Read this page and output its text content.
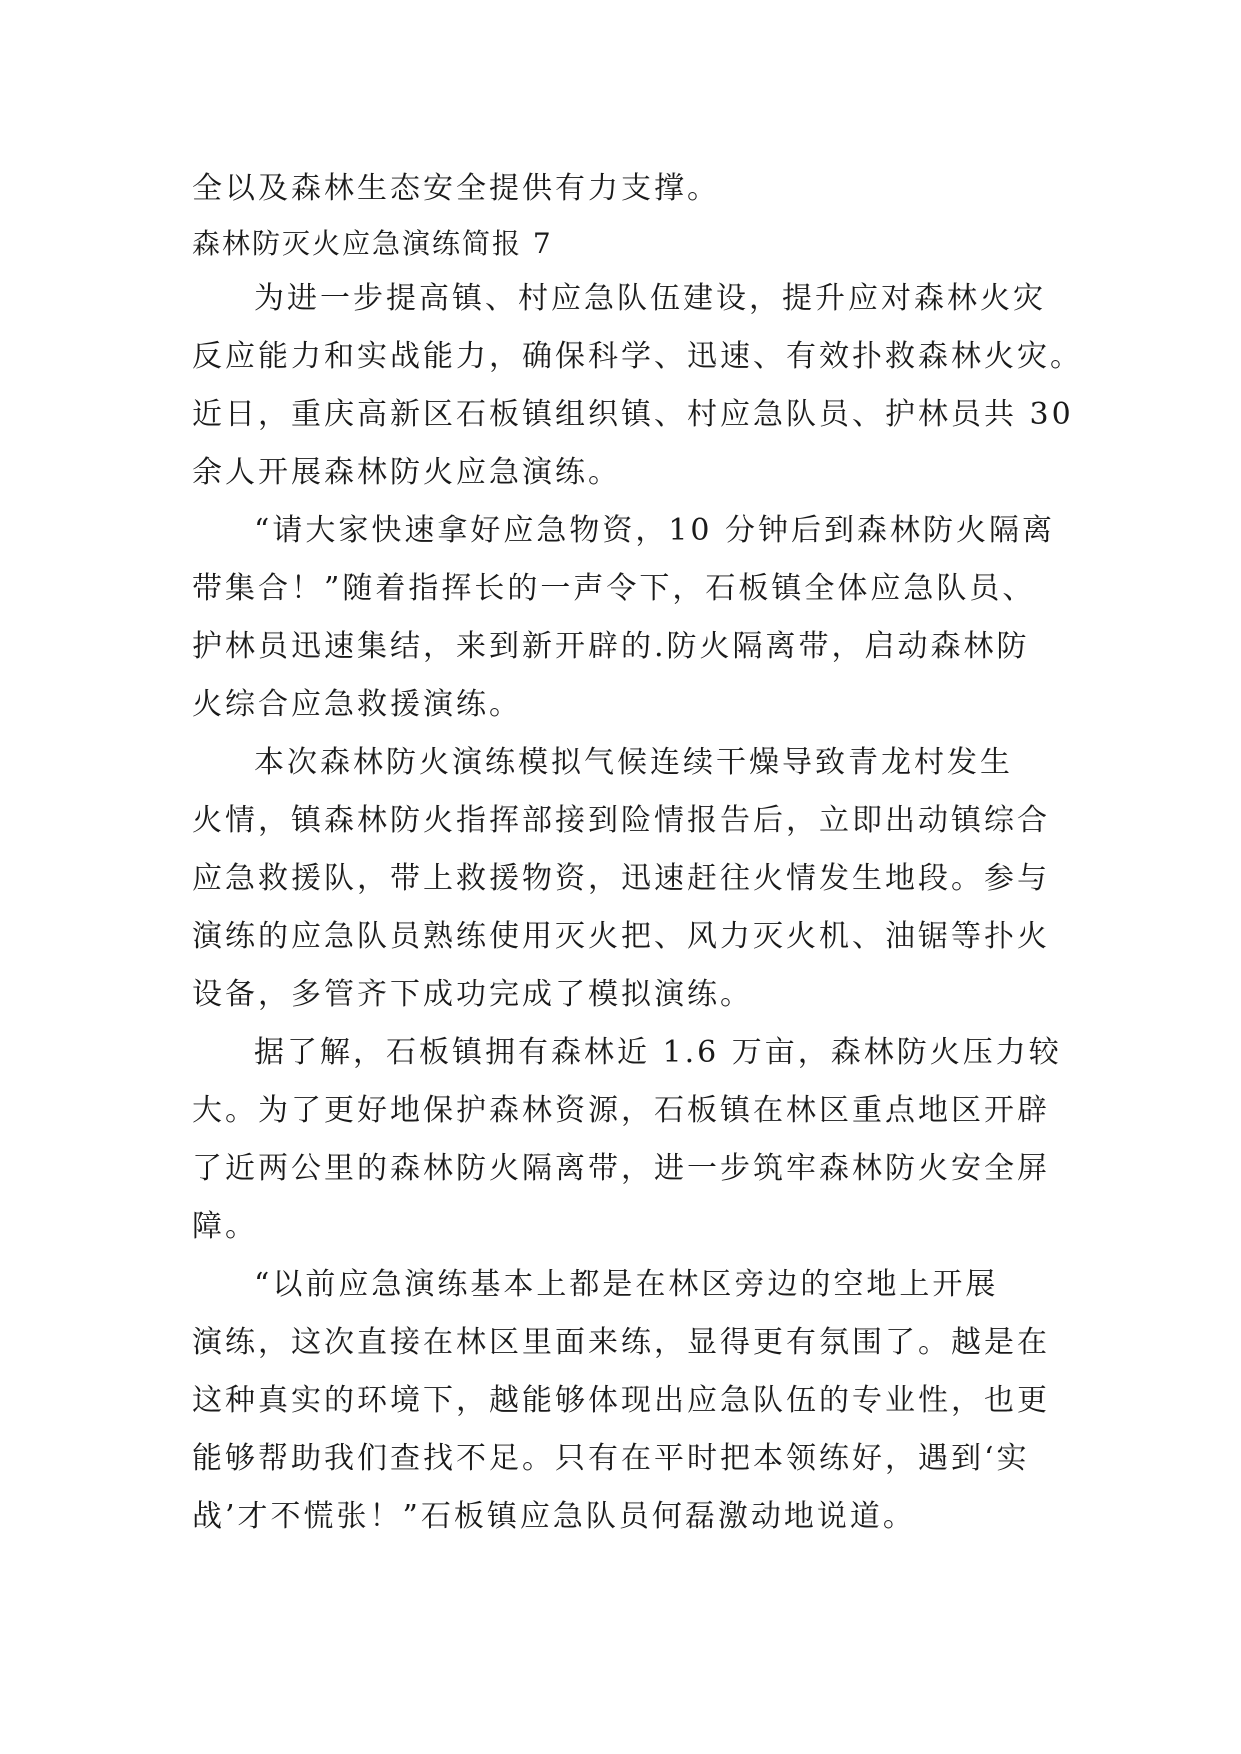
全以及森林生态安全提供有力支撑。

森林防灭火应急演练简报 7

为进一步提高镇、村应急队伍建设，提升应对森林火灾

反应能力和实战能力，确保科学、迅速、有效扑救森林火灾。

近日，重庆高新区石板镇组织镇、村应急队员、护林员共 30

余人开展森林防火应急演练。

“请大家快速拿好应急物资，10 分钟后到森林防火隔离

带集合！”随着指挥长的一声令下，石板镇全体应急队员、

护林员迅速集结，来到新开辟的.防火隔离带，启动森林防

火综合应急救援演练。

本次森林防火演练模拟气候连续干燥导致青龙村发生

火情，镇森林防火指挥部接到险情报告后，立即出动镇综合

应急救援队，带上救援物资，迅速赶往火情发生地段。参与

演练的应急队员熟练使用灭火把、风力灭火机、油锯等扑火

设备，多管齐下成功完成了模拟演练。

据了解，石板镇拥有森林近 1.6 万亩，森林防火压力较

大。为了更好地保护森林资源，石板镇在林区重点地区开辟

了近两公里的森林防火隔离带，进一步筑牢森林防火安全屏

障。

“以前应急演练基本上都是在林区旁边的空地上开展

演练，这次直接在林区里面来练，显得更有氛围了。越是在

这种真实的环境下，越能够体现出应急队伍的专业性，也更

能够帮助我们查找不足。只有在平时把本领练好，遇到‘实

战’才不慌张！”石板镇应急队员何磊激动地说道。
